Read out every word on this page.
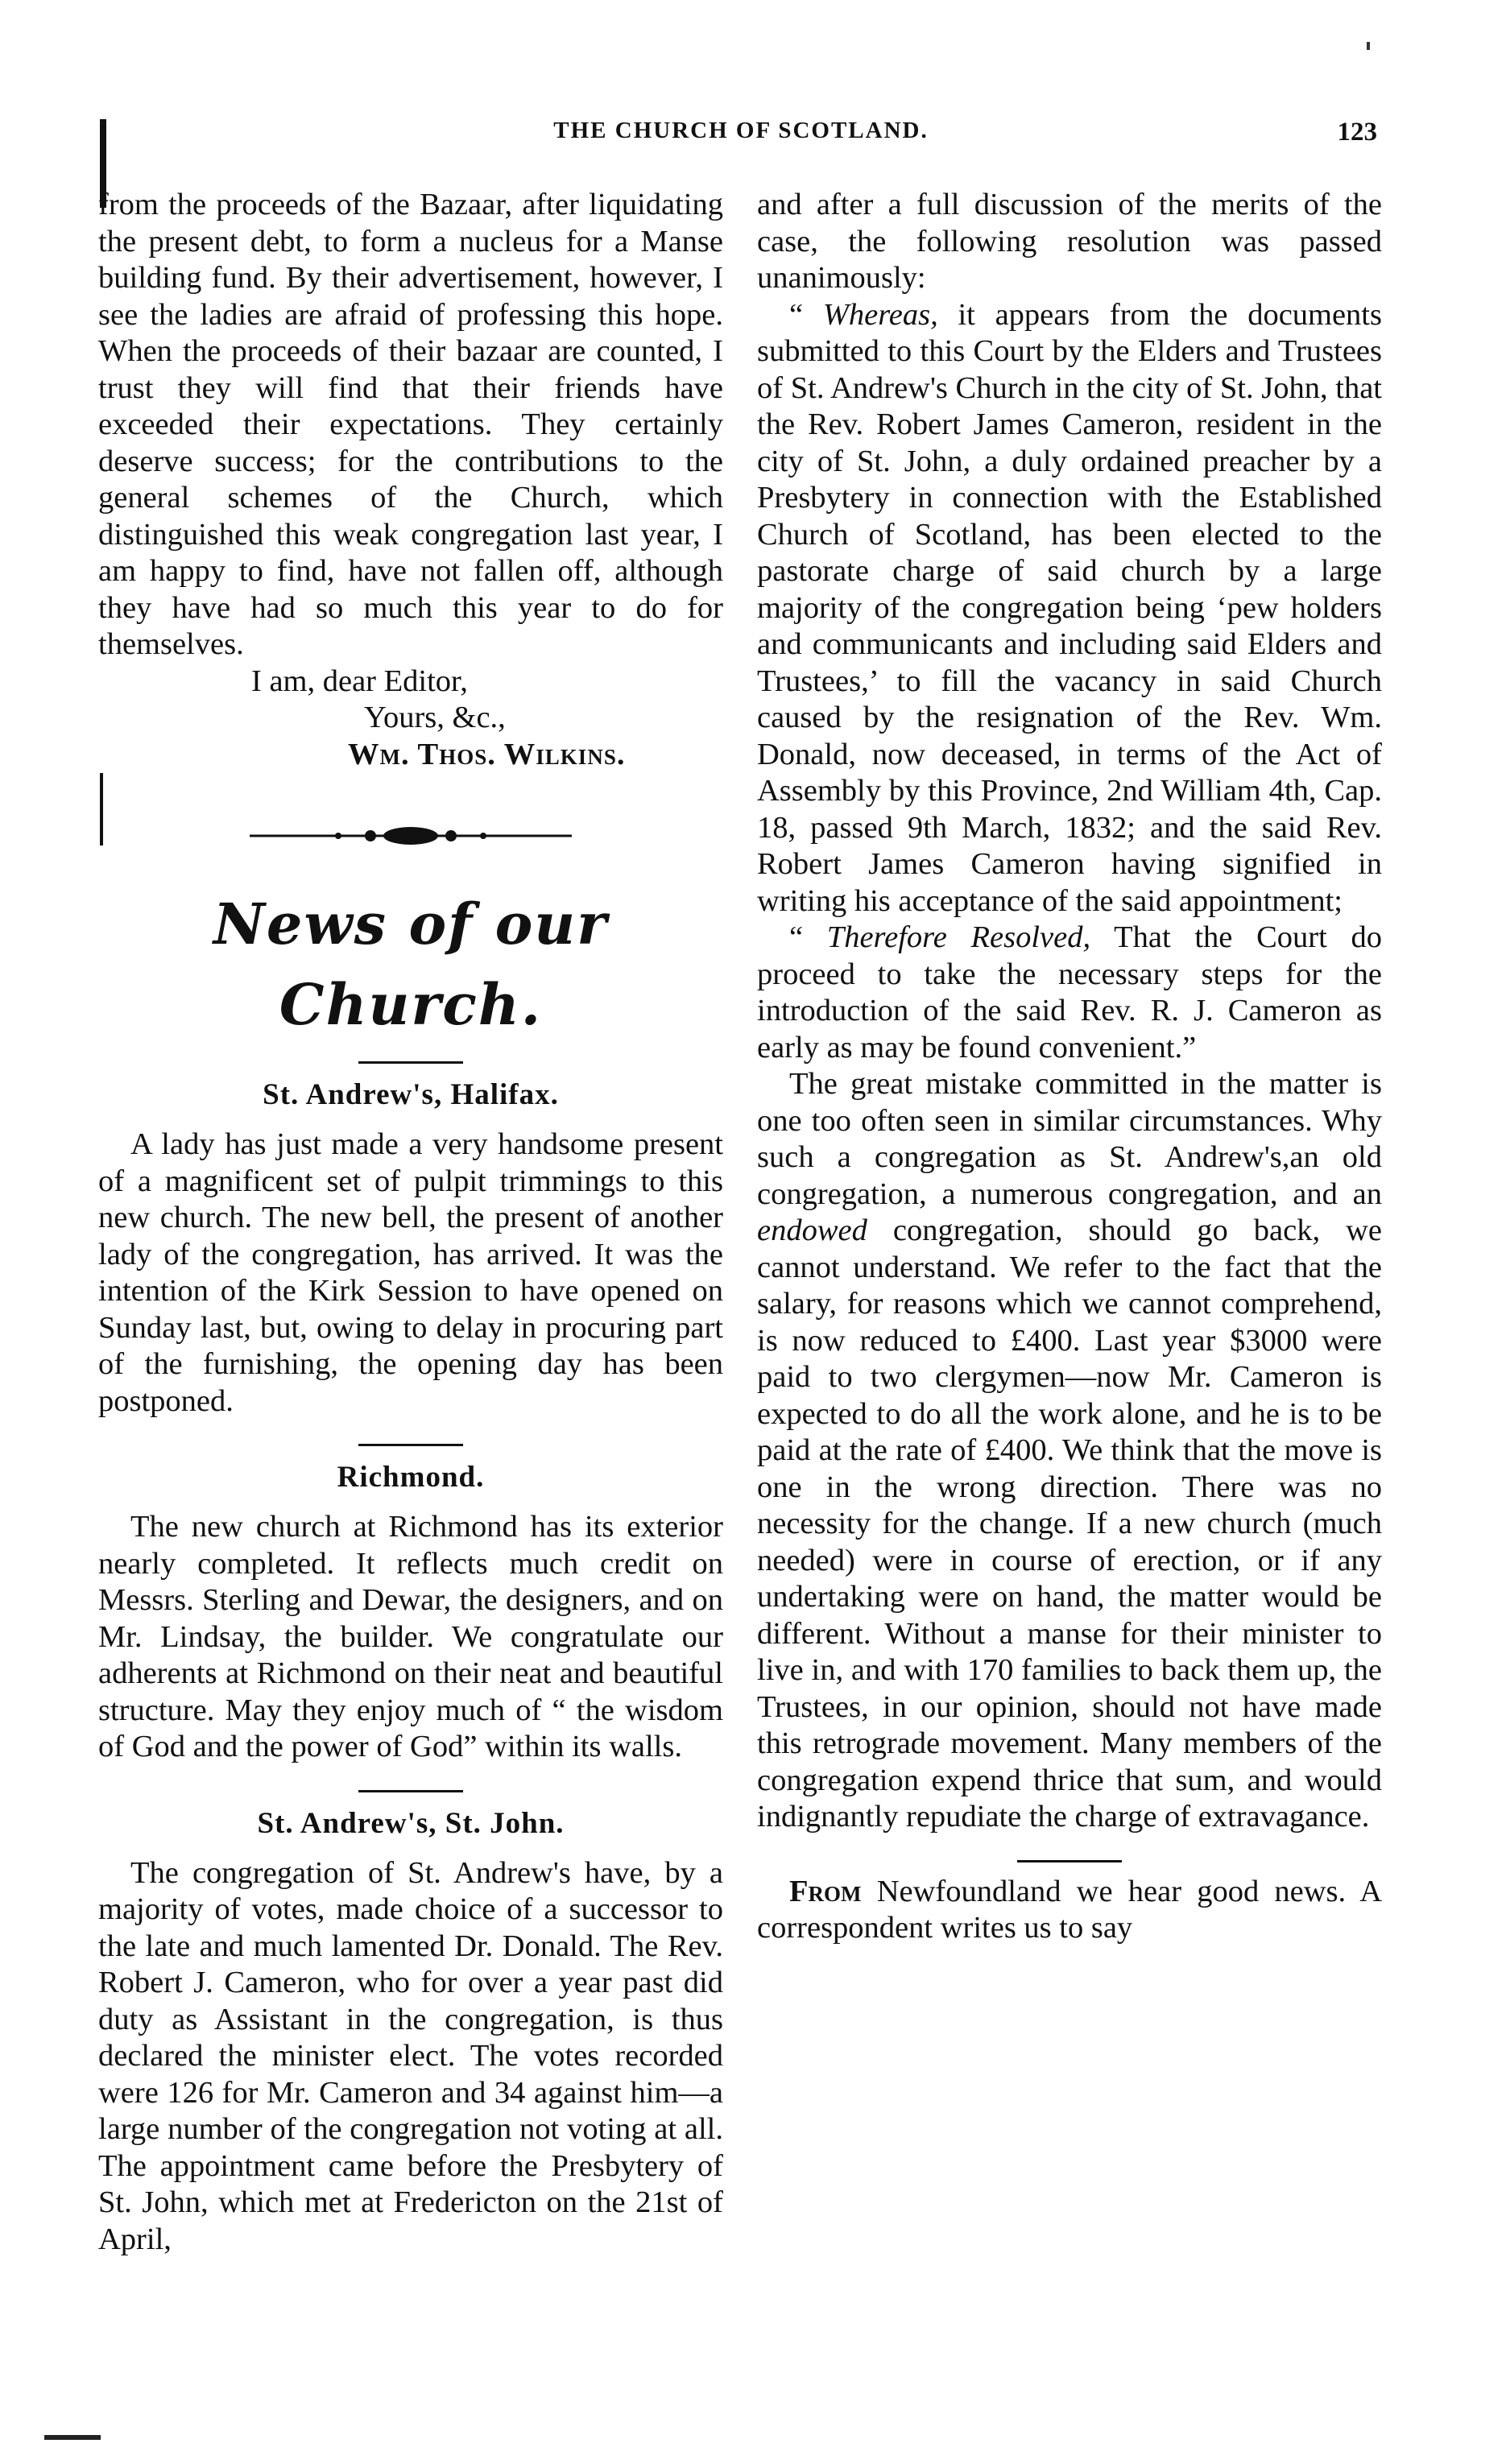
THE CHURCH OF SCOTLAND.	123

from the proceeds of the Bazaar, after liquidating the present debt, to form a nucleus for a Manse building fund. By their advertisement, however, I see the ladies are afraid of professing this hope. When the proceeds of their bazaar are counted, I trust they will find that their friends have exceeded their expectations. They certainly deserve success; for the contributions to the general schemes of the Church, which distinguished this weak congregation last year, I am happy to find, have not fallen off, although they have had so much this year to do for themselves.

I am, dear Editor,

Yours, &c.,

Wm. Thos. Wilkins.

News of our Church.
St. Andrew's, Halifax.

A lady has just made a very handsome present of a magnificent set of pulpit trimmings to this new church. The new bell, the present of another lady of the congregation, has arrived. It was the intention of the Kirk Session to have opened on Sunday last, but, owing to delay in procuring part of the furnishing, the opening day has been postponed.

Richmond.

The new church at Richmond has its exterior nearly completed. It reflects much credit on Messrs. Sterling and Dewar, the designers, and on Mr. Lindsay, the builder. We congratulate our adherents at Richmond on their neat and beautiful structure. May they enjoy much of “ the wisdom of God and the power of God” within its walls.

St. Andrew's, St. John.

The congregation of St. Andrew's have, by a majority of votes, made choice of a successor to the late and much lamented Dr. Donald. The Rev. Robert J. Cameron, who for over a year past did duty as Assistant in the congregation, is thus declared the minister elect. The votes recorded were 126 for Mr. Cameron and 34 against him—a large number of the congregation not voting at all. The appointment came before the Presbytery of St. John, which met at Fredericton on the 21st of April,

and after a full discussion of the merits of the case, the following resolution was passed unanimously:

“ Whereas, it appears from the documents submitted to this Court by the Elders and Trustees of St. Andrew's Church in the city of St. John, that the Rev. Robert James Cameron, resident in the city of St. John, a duly ordained preacher by a Presbytery in connection with the Established Church of Scotland, has been elected to the pastorate charge of said church by a large majority of the congregation being ‘pew holders and communicants and including said Elders and Trustees,’ to fill the vacancy in said Church caused by the resignation of the Rev. Wm. Donald, now deceased, in terms of the Act of Assembly by this Province, 2nd William 4th, Cap. 18, passed 9th March, 1832; and the said Rev. Robert James Cameron having signified in writing his acceptance of the said appointment;

“ Therefore Resolved, That the Court do proceed to take the necessary steps for the introduction of the said Rev. R. J. Cameron as early as may be found convenient.”

The great mistake committed in the matter is one too often seen in similar circumstances. Why such a congregation as St. Andrew's,an old congregation, a numerous congregation, and an endowed congregation, should go back, we cannot understand. We refer to the fact that the salary, for reasons which we cannot comprehend, is now reduced to £400. Last year $3000 were paid to two clergymen—now Mr. Cameron is expected to do all the work alone, and he is to be paid at the rate of £400. We think that the move is one in the wrong direction. There was no necessity for the change. If a new church (much needed) were in course of erection, or if any undertaking were on hand, the matter would be different. Without a manse for their minister to live in, and with 170 families to back them up, the Trustees, in our opinion, should not have made this retrograde movement. Many members of the congregation expend thrice that sum, and would indignantly repudiate the charge of extravagance.

From Newfoundland we hear good news. A correspondent writes us to say
